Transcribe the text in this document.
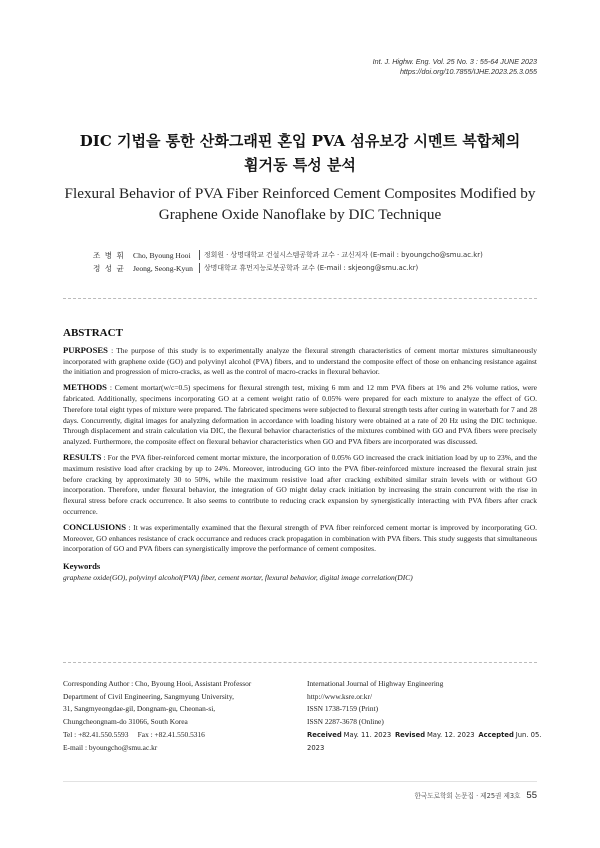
Int. J. Highw. Eng. Vol. 25 No. 3 : 55-64 JUNE 2023
https://doi.org/10.7855/IJHE.2023.25.3.055
DIC 기법을 통한 산화그래핀 혼입 PVA 섬유보강 시멘트 복합체의
휨거동 특성 분석
Flexural Behavior of PVA Fiber Reinforced Cement Composites Modified by
Graphene Oxide Nanoflake by DIC Technique
조 병 휘	Cho, Byoung Hooi	정회원 · 상명대학교 건설시스템공학과 교수 · 교신저자 (E-mail : byoungcho@smu.ac.kr)
정 성 균	Jeong, Seong-Kyun	상명대학교 휴먼지능로봇공학과 교수 (E-mail : skjeong@smu.ac.kr)
ABSTRACT

PURPOSES : The purpose of this study is to experimentally analyze the flexural strength characteristics of cement mortar mixtures simultaneously incorporated with graphene oxide (GO) and polyvinyl alcohol (PVA) fibers, and to understand the composite effect of those on enhancing resistance against the initiation and progression of micro-cracks, as well as the control of macro-cracks in flexural behavior.

METHODS : Cement mortar(w/c=0.5) specimens for flexural strength test, mixing 6 mm and 12 mm PVA fibers at 1% and 2% volume ratios, were fabricated. Additionally, specimens incorporating GO at a cement weight ratio of 0.05% were prepared for each mixture to analyze the effect of GO. Therefore total eight types of mixture were prepared. The fabricated specimens were subjected to flexural strength tests after curing in waterbath for 7 and 28 days. Concurrently, digital images for analyzing deformation in accordance with loading history were obtained at a rate of 20 Hz using the DIC technique. Through displacement and strain calculation via DIC, the flexural behavior characteristics of the mixtures combined with GO and PVA fibers were precisely analyzed. Furthermore, the composite effect on flexural behavior characteristics when GO and PVA fibers are incorporated was discussed.

RESULTS : For the PVA fiber-reinforced cement mortar mixture, the incorporation of 0.05% GO increased the crack initiation load by up to 23%, and the maximum resistive load after cracking by up to 24%. Moreover, introducing GO into the PVA fiber-reinforced mixture increased the flexural strain just before cracking by approximately 30 to 50%, while the maximum resistive load after cracking exhibited similar strain levels with or without GO incorporation. Therefore, under flexural behavior, the integration of GO might delay crack initiation by increasing the strain concurrent with the rise in flexural stress before crack occurrence. It also seems to contribute to reducing crack expansion by synergistically interacting with PVA fibers after crack occurrence.

CONCLUSIONS : It was experimentally examined that the flexural strength of PVA fiber reinforced cement mortar is improved by incorporating GO. Moreover, GO enhances resistance of crack occurrance and reduces crack propagation in combination with PVA fibers. This study suggests that simultaneous incorporation of GO and PVA fibers can synergistically improve the performance of cement composites.

Keywords

graphene oxide(GO), polyvinyl alcohol(PVA) fiber, cement mortar, flexural behavior, digital image correlation(DIC)

Corresponding Author : Cho, Byoung Hooi, Assistant Professor
Department of Civil Engineering, Sangmyung University,
31, Sangmyeongdae-gil, Dongnam-gu, Cheonan-si,
Chungcheongnam-do 31066, South Korea
Tel : +82.41.550.5593     Fax : +82.41.550.5316
E-mail : byoungcho@smu.ac.kr
International Journal of Highway Engineering
http://www.ksre.or.kr/
ISSN 1738-7159 (Print)
ISSN 2287-3678 (Online)
Received May. 11. 2023 Revised May. 12. 2023 Accepted Jun. 05. 2023
한국도로학회 논문집 · 제25권 제3호 55
